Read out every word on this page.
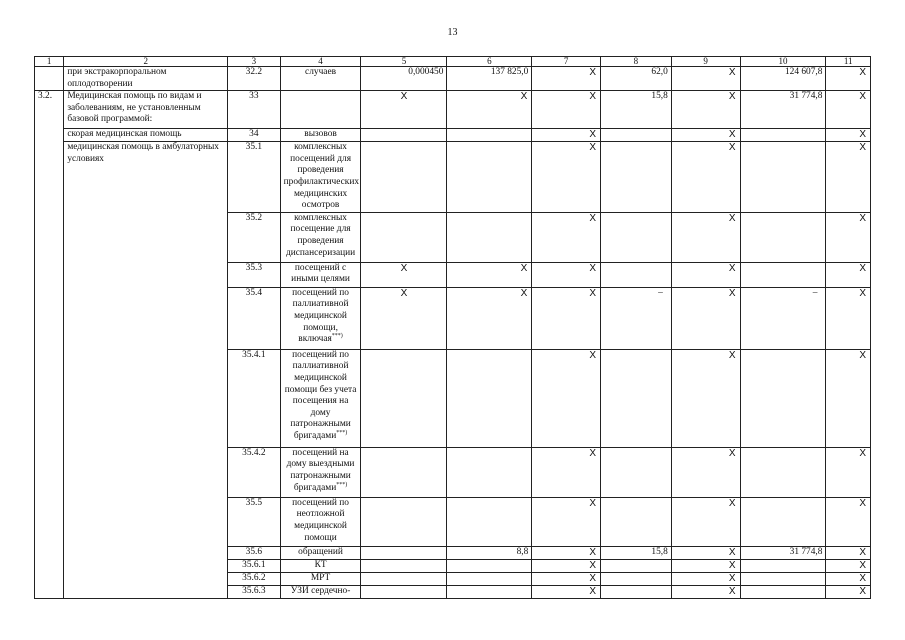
13
1	2	3	4	5	6	7	8	9	10	11
	при экстракорпоральном оплодотворении	32.2	случаев	0,000450	137 825,0	X	62,0	X	124 607,8	X
3.2.	Медицинская помощь по видам и заболеваниям, не установленным базовой программой:	33		X	X	X	15,8	X	31 774,8	X
	скорая медицинская помощь	34	вызовов			X		X		X
	медицинская помощь в амбулаторных условиях	35.1	комплексных посещений для проведения профилактических медицинских осмотров			X		X		X
		35.2	комплексных посещение для проведения диспансеризации			X		X		X
		35.3	посещений с иными целями	X	X	X		X		X
		35.4	посещений по паллиативной медицинской помощи, включая***)	X	X	X	–	X	–	X
		35.4.1	посещений по паллиативной медицинской помощи без учета посещения на дому патронажными бригадами***)			X		X		X
		35.4.2	посещений на дому выездными патронажными бригадами***)			X		X		X
		35.5	посещений по неотложной медицинской помощи			X		X		X
		35.6	обращений		8,8	X	15,8	X	31 774,8	X
		35.6.1	КТ			X		X		X
		35.6.2	МРТ			X		X		X
		35.6.3	УЗИ сердечно-			X		X		X
